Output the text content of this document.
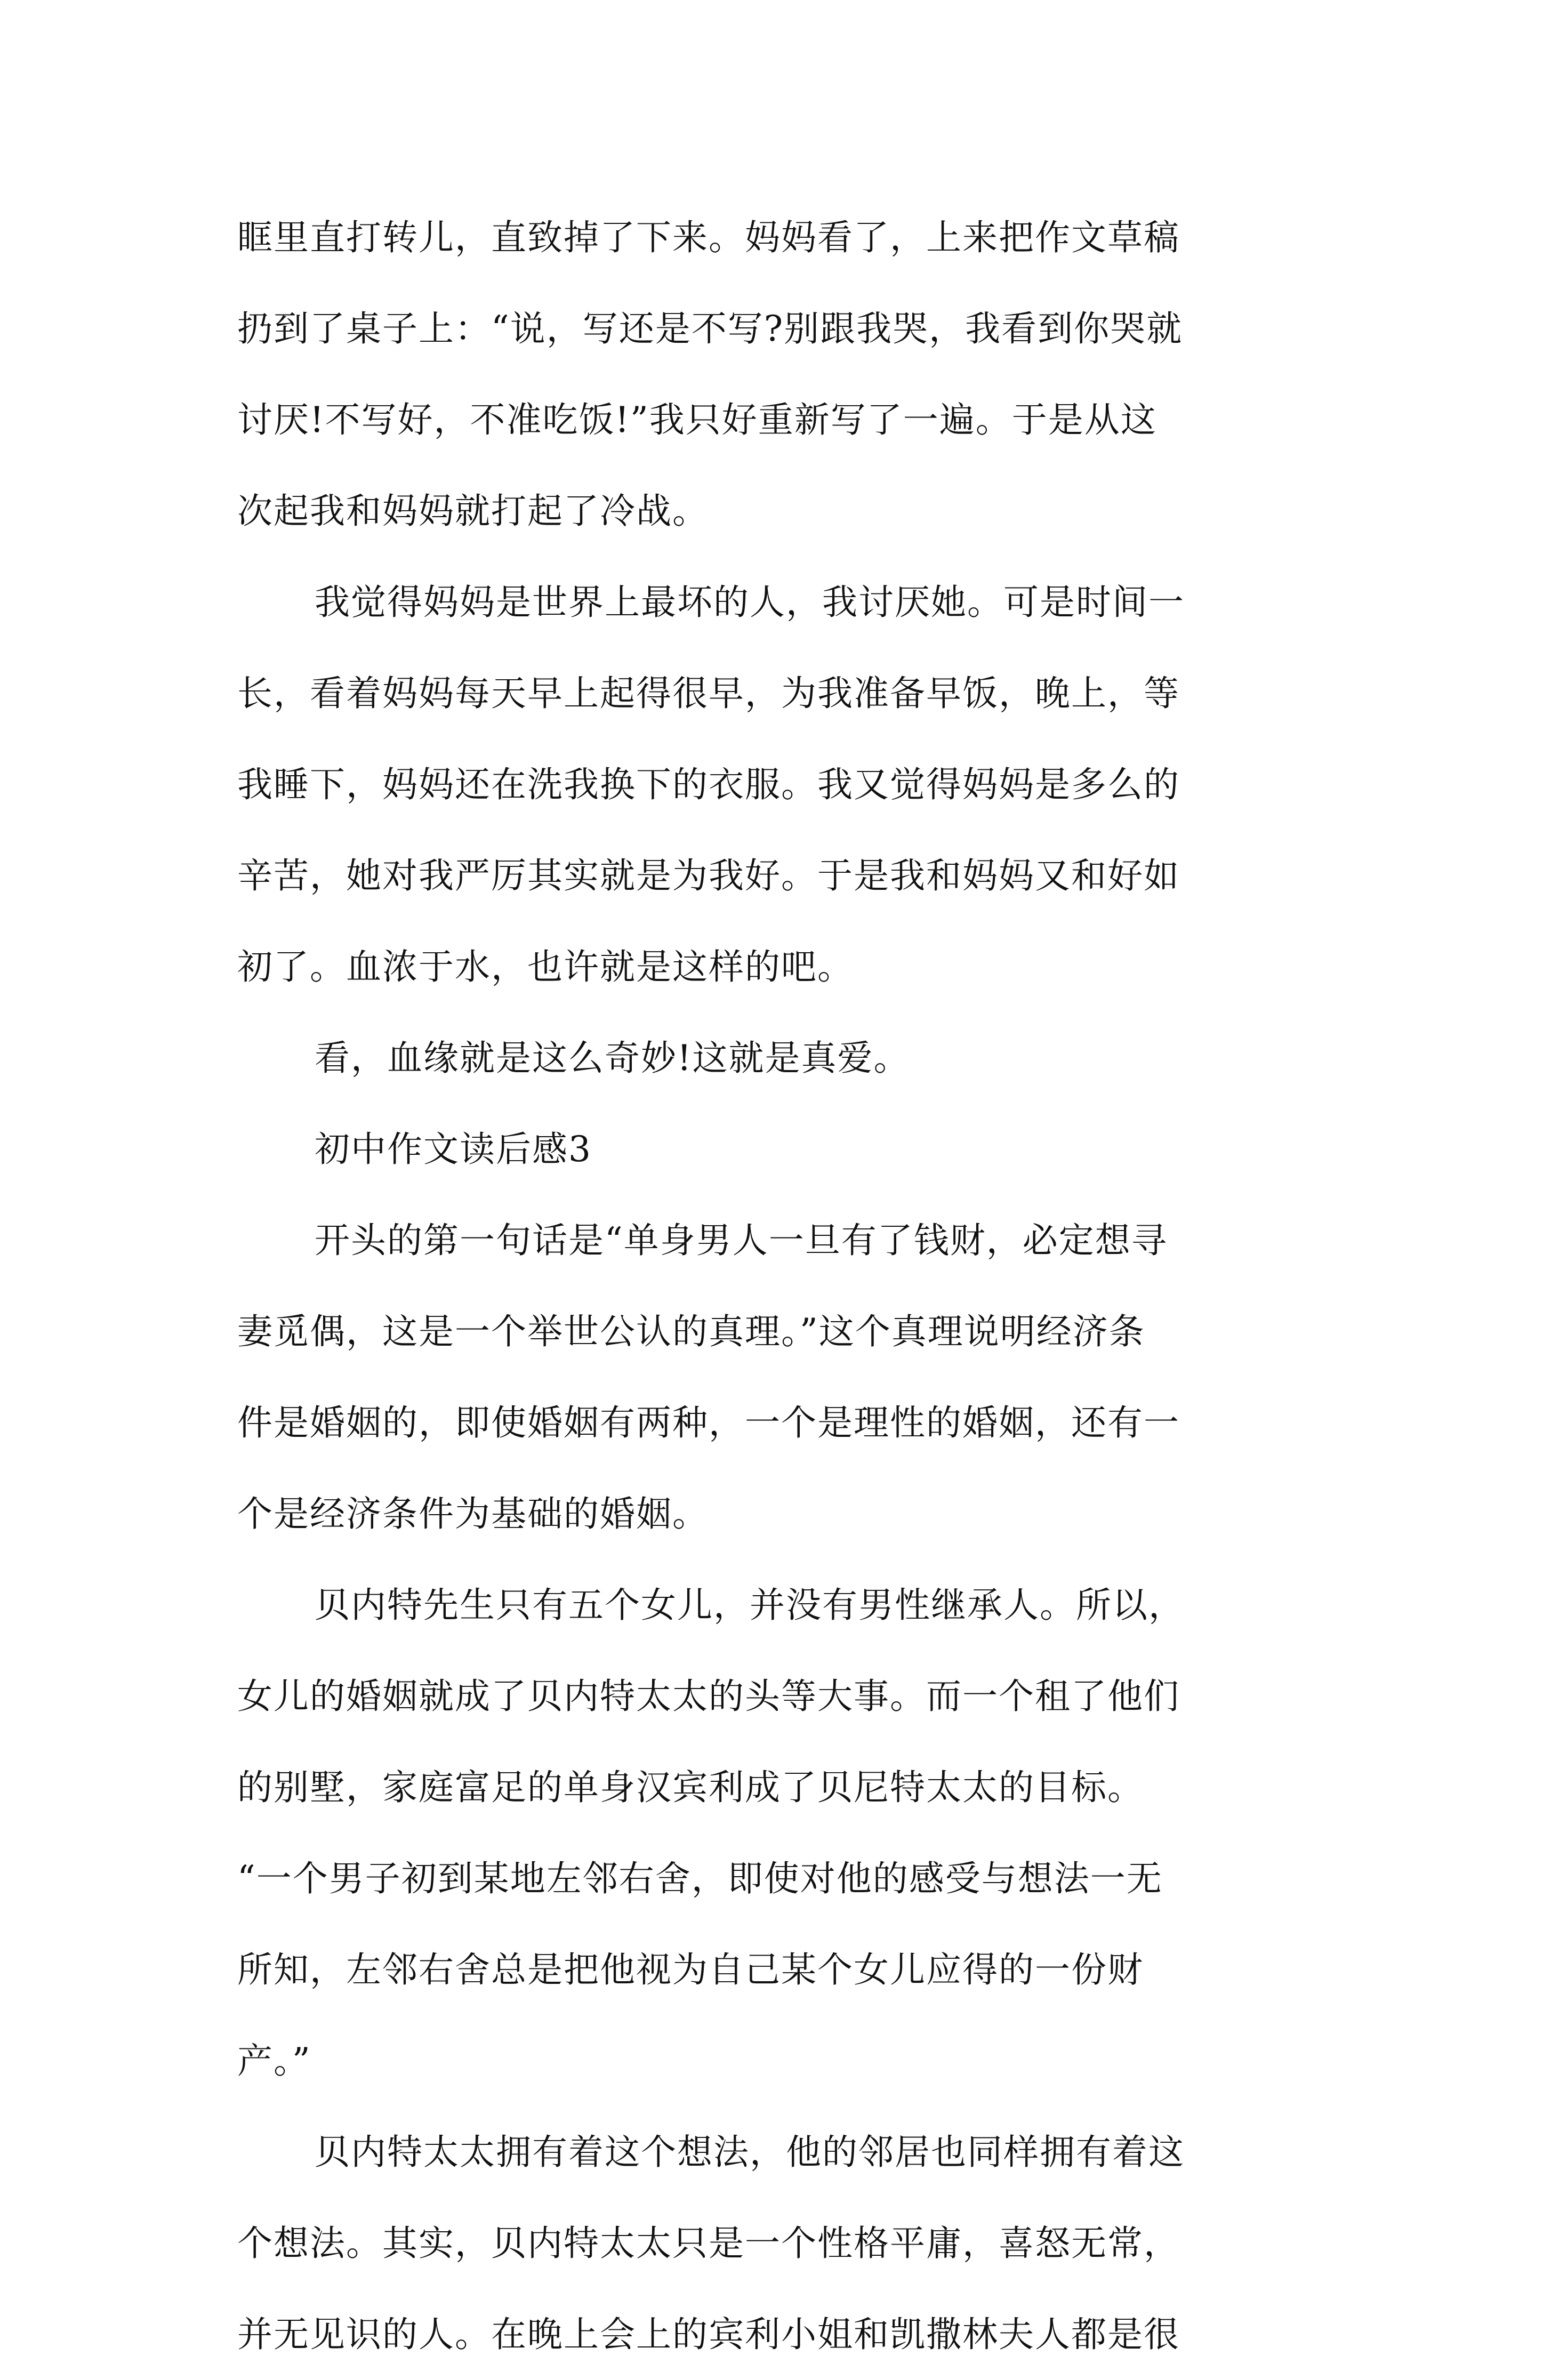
眶里直打转儿，直致掉了下来。妈妈看了，上来把作文草稿
扔到了桌子上：“说，写还是不写?别跟我哭，我看到你哭就
讨厌!不写好，不准吃饭!”我只好重新写了一遍。于是从这
次起我和妈妈就打起了冷战。
我觉得妈妈是世界上最坏的人，我讨厌她。可是时间一
长，看着妈妈每天早上起得很早，为我准备早饭，晚上，等
我睡下，妈妈还在洗我换下的衣服。我又觉得妈妈是多么的
辛苦，她对我严厉其实就是为我好。于是我和妈妈又和好如
初了。血浓于水，也许就是这样的吧。
看，血缘就是这么奇妙!这就是真爱。
初中作文读后感3
开头的第一句话是“单身男人一旦有了钱财，必定想寻
妻觅偶，这是一个举世公认的真理。”这个真理说明经济条
件是婚姻的，即使婚姻有两种，一个是理性的婚姻，还有一
个是经济条件为基础的婚姻。
贝内特先生只有五个女儿，并没有男性继承人。所以，
女儿的婚姻就成了贝内特太太的头等大事。而一个租了他们
的别墅，家庭富足的单身汉宾利成了贝尼特太太的目标。
“一个男子初到某地左邻右舍，即使对他的感受与想法一无
所知，左邻右舍总是把他视为自己某个女儿应得的一份财
产。”
贝内特太太拥有着这个想法，他的邻居也同样拥有着这
个想法。其实，贝内特太太只是一个性格平庸，喜怒无常，
并无见识的人。在晚上会上的宾利小姐和凯撒林夫人都是很
